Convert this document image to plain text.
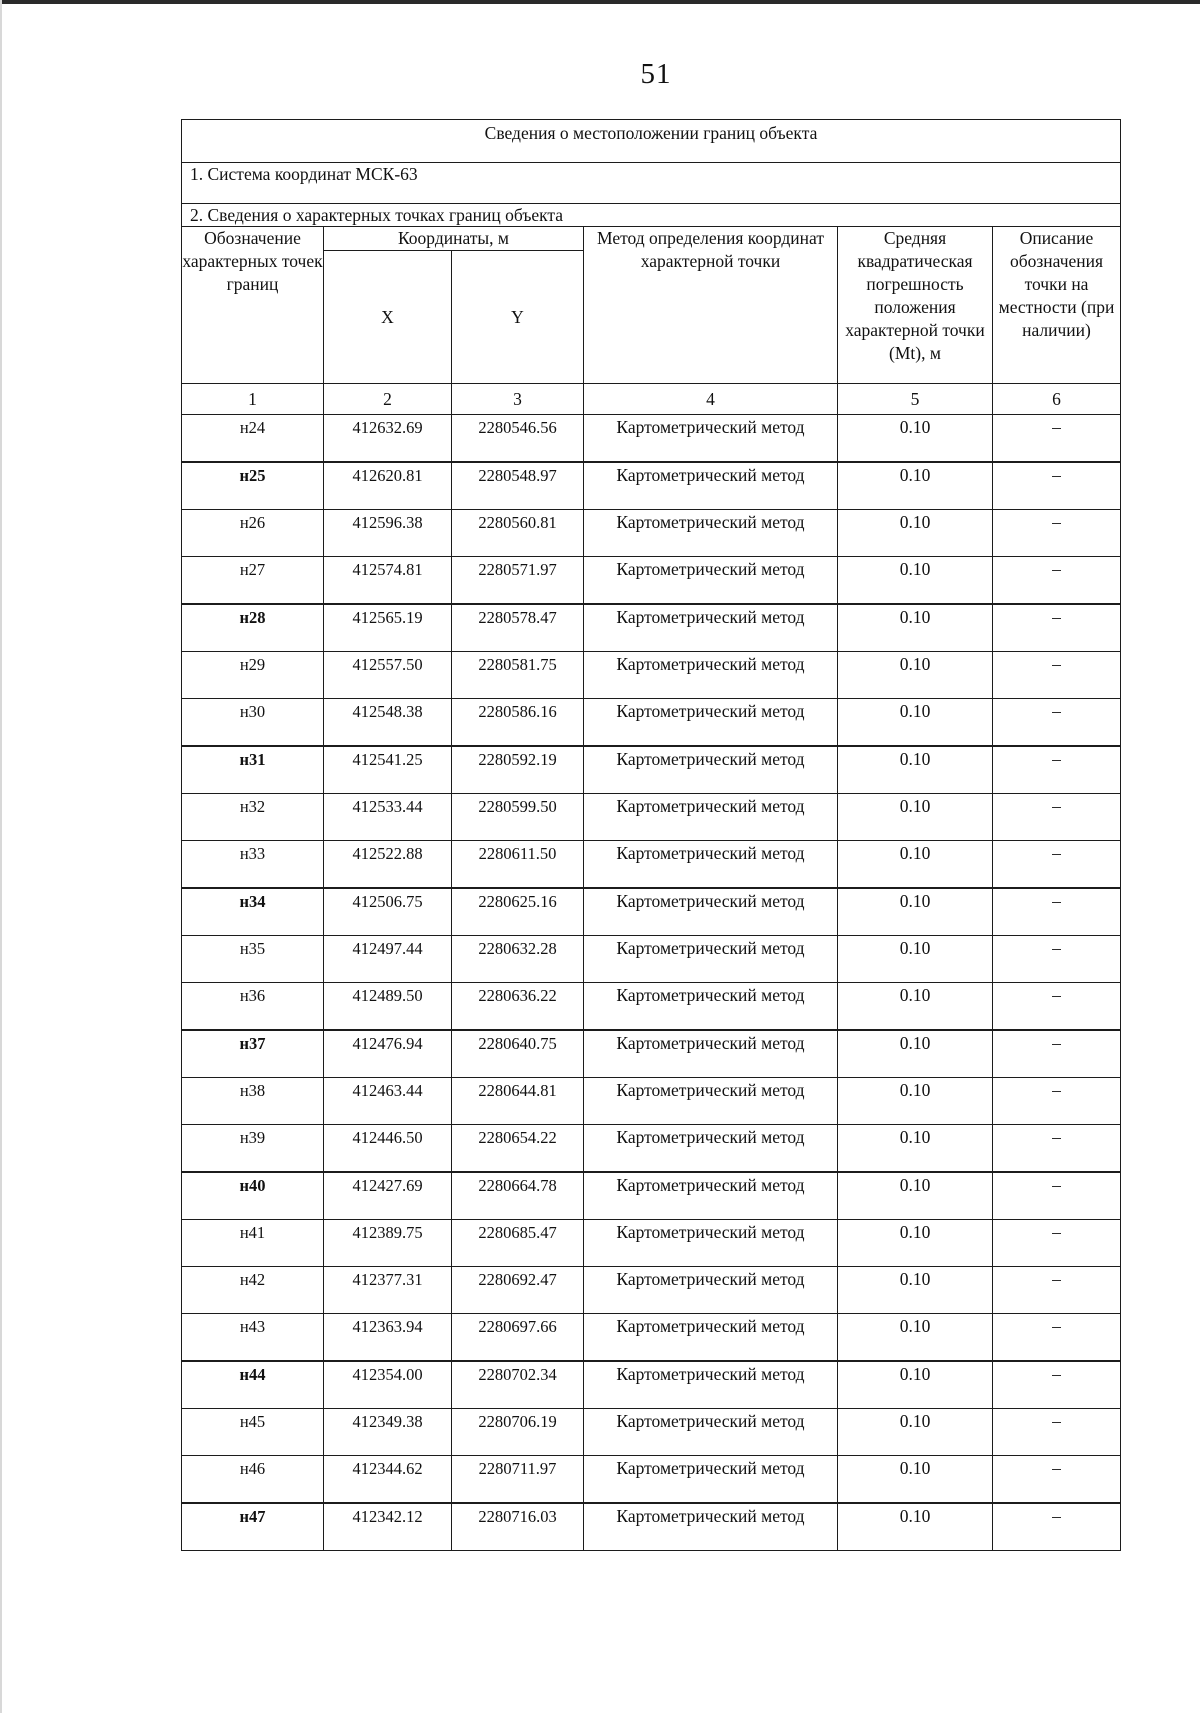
51
Сведения о местоположении границ объекта					
1. Система координат МСК-63					
2. Сведения о характерных точках границ объекта					
Обозначение характерных точек границ	Координаты, м		Метод определения координат характерной точки	Средняя квадратическая погрешность положения характерной точки (Мt), м	Описание обозначения точки на местности (при наличии)
	X	Y			
1	2	3	4	5	6
н24	412632.69	2280546.56	Картометрический метод	0.10	–
н25	412620.81	2280548.97	Картометрический метод	0.10	–
н26	412596.38	2280560.81	Картометрический метод	0.10	–
н27	412574.81	2280571.97	Картометрический метод	0.10	–
н28	412565.19	2280578.47	Картометрический метод	0.10	–
н29	412557.50	2280581.75	Картометрический метод	0.10	–
н30	412548.38	2280586.16	Картометрический метод	0.10	–
н31	412541.25	2280592.19	Картометрический метод	0.10	–
н32	412533.44	2280599.50	Картометрический метод	0.10	–
н33	412522.88	2280611.50	Картометрический метод	0.10	–
н34	412506.75	2280625.16	Картометрический метод	0.10	–
н35	412497.44	2280632.28	Картометрический метод	0.10	–
н36	412489.50	2280636.22	Картометрический метод	0.10	–
н37	412476.94	2280640.75	Картометрический метод	0.10	–
н38	412463.44	2280644.81	Картометрический метод	0.10	–
н39	412446.50	2280654.22	Картометрический метод	0.10	–
н40	412427.69	2280664.78	Картометрический метод	0.10	–
н41	412389.75	2280685.47	Картометрический метод	0.10	–
н42	412377.31	2280692.47	Картометрический метод	0.10	–
н43	412363.94	2280697.66	Картометрический метод	0.10	–
н44	412354.00	2280702.34	Картометрический метод	0.10	–
н45	412349.38	2280706.19	Картометрический метод	0.10	–
н46	412344.62	2280711.97	Картометрический метод	0.10	–
н47	412342.12	2280716.03	Картометрический метод	0.10	–
